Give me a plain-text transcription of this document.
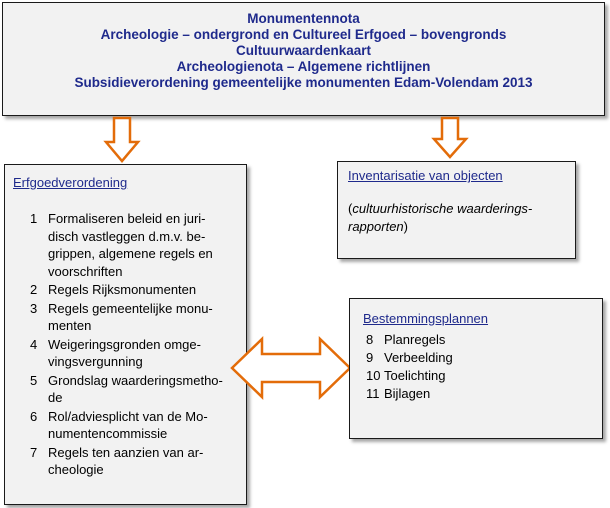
Monumentennota
Archeologie – ondergrond en Cultureel Erfgoed – bovengronds
Cultuurwaardenkaart
Archeologienota – Algemene richtlijnen
Subsidieverordening gemeentelijke monumenten Edam-Volendam 2013
Erfgoedverordening
1 Formaliseren beleid en juri-
disch vastleggen d.m.v. be-
grippen, algemene regels en
voorschriften
2 Regels Rijksmonumenten
3 Regels gemeentelijke monu-
menten
4 Weigeringsgronden omge-
vingsvergunning
5 Grondslag waarderingsmetho-
de
6 Rol/adviesplicht van de Mo-
numentencommissie
7 Regels ten aanzien van ar-
cheologie
Inventarisatie van objecten
(cultuurhistorische waarderings-
rapporten)
Bestemmingsplannen
8 Planregels
9 Verbeelding
10 Toelichting
11 Bijlagen
